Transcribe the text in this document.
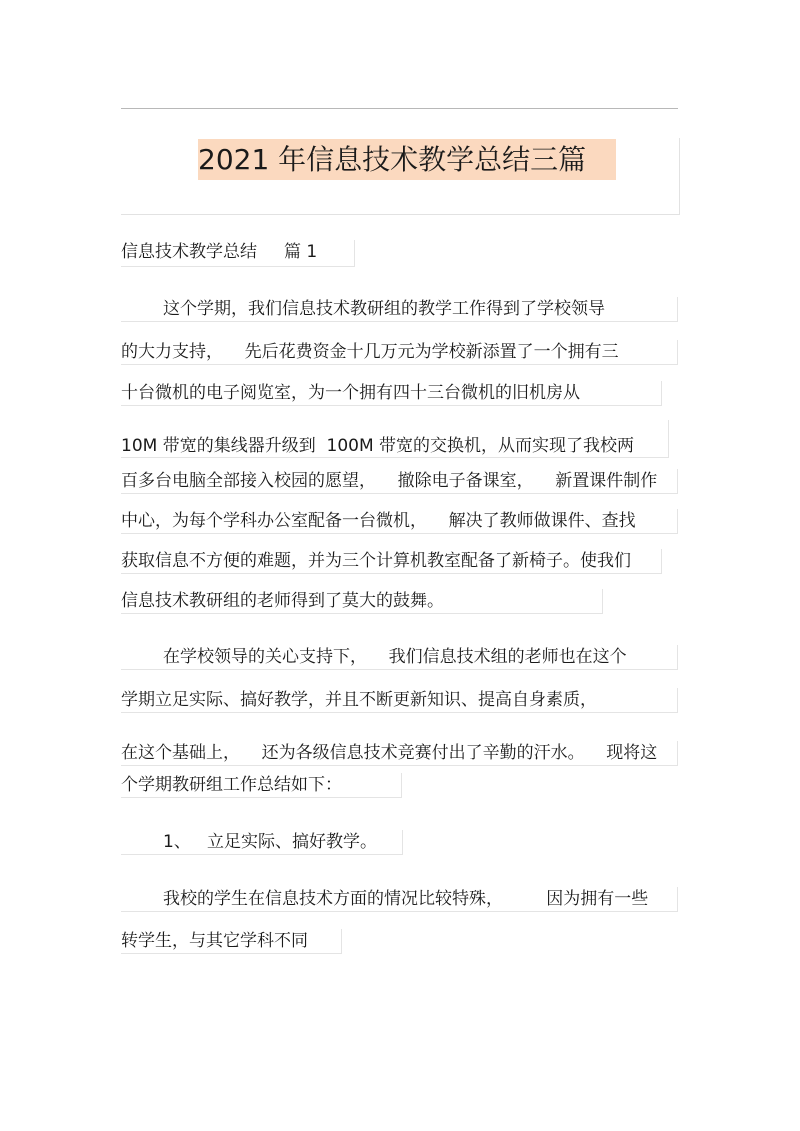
2021 年信息技术教学总结三篇
信息技术教学总结     篇 1
这个学期，我们信息技术教研组的教学工作得到了学校领导
的大力支持，    先后花费资金十几万元为学校新添置了一个拥有三
十台微机的电子阅览室，为一个拥有四十三台微机的旧机房从
10M 带宽的集线器升级到  100M 带宽的交换机，从而实现了我校两
百多台电脑全部接入校园的愿望，    撤除电子备课室，    新置课件制作
中心，为每个学科办公室配备一台微机，    解决了教师做课件、查找
获取信息不方便的难题，并为三个计算机教室配备了新椅子。使我们
信息技术教研组的老师得到了莫大的鼓舞。
在学校领导的关心支持下，    我们信息技术组的老师也在这个
学期立足实际、搞好教学，并且不断更新知识、提高自身素质，
在这个基础上，    还为各级信息技术竞赛付出了辛勤的汗水。    现将这
个学期教研组工作总结如下：
1、   立足实际、搞好教学。
我校的学生在信息技术方面的情况比较特殊，        因为拥有一些
转学生，与其它学科不同
